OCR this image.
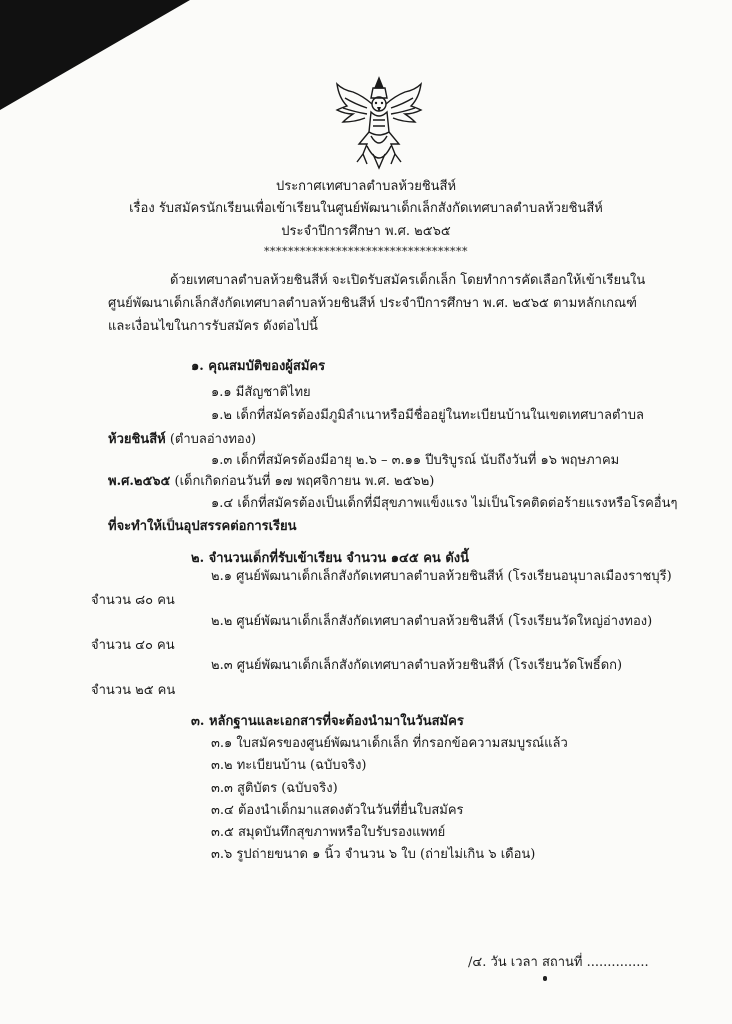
ประกาศเทศบาลตำบลห้วยชินสีห์
เรื่อง รับสมัครนักเรียนเพื่อเข้าเรียนในศูนย์พัฒนาเด็กเล็กสังกัดเทศบาลตำบลห้วยชินสีห์
ประจำปีการศึกษา พ.ศ. ๒๕๖๕
**********************************
ด้วยเทศบาลตำบลห้วยชินสีห์ จะเปิดรับสมัครเด็กเล็ก โดยทำการคัดเลือกให้เข้าเรียนใน
ศูนย์พัฒนาเด็กเล็กสังกัดเทศบาลตำบลห้วยชินสีห์ ประจำปีการศึกษา พ.ศ. ๒๕๖๕ ตามหลักเกณฑ์
และเงื่อนไขในการรับสมัคร ดังต่อไปนี้
๑. คุณสมบัติของผู้สมัคร
๑.๑ มีสัญชาติไทย
๑.๒ เด็กที่สมัครต้องมีภูมิลำเนาหรือมีชื่ออยู่ในทะเบียนบ้านในเขตเทศบาลตำบล
ห้วยชินสีห์ (ตำบลอ่างทอง)
๑.๓ เด็กที่สมัครต้องมีอายุ ๒.๖ – ๓.๑๑ ปีบริบูรณ์ นับถึงวันที่ ๑๖ พฤษภาคม
พ.ศ.๒๕๖๕ (เด็กเกิดก่อนวันที่ ๑๗ พฤศจิกายน พ.ศ. ๒๕๖๒)
๑.๔ เด็กที่สมัครต้องเป็นเด็กที่มีสุขภาพแข็งแรง ไม่เป็นโรคติดต่อร้ายแรงหรือโรคอื่นๆ
ที่จะทำให้เป็นอุปสรรคต่อการเรียน
๒. จำนวนเด็กที่รับเข้าเรียน จำนวน ๑๔๕ คน ดังนี้
๒.๑ ศูนย์พัฒนาเด็กเล็กสังกัดเทศบาลตำบลห้วยชินสีห์ (โรงเรียนอนุบาลเมืองราชบุรี)
จำนวน ๘๐ คน
๒.๒ ศูนย์พัฒนาเด็กเล็กสังกัดเทศบาลตำบลห้วยชินสีห์ (โรงเรียนวัดใหญ่อ่างทอง)
จำนวน ๔๐ คน
๒.๓ ศูนย์พัฒนาเด็กเล็กสังกัดเทศบาลตำบลห้วยชินสีห์ (โรงเรียนวัดโพธิ์ดก)
จำนวน ๒๕ คน
๓. หลักฐานและเอกสารที่จะต้องนำมาในวันสมัคร
๓.๑ ใบสมัครของศูนย์พัฒนาเด็กเล็ก ที่กรอกข้อความสมบูรณ์แล้ว
๓.๒ ทะเบียนบ้าน (ฉบับจริง)
๓.๓ สูติบัตร (ฉบับจริง)
๓.๔ ต้องนำเด็กมาแสดงตัวในวันที่ยื่นใบสมัคร
๓.๕ สมุดบันทึกสุขภาพหรือใบรับรองแพทย์
๓.๖ รูปถ่ายขนาด ๑ นิ้ว จำนวน ๖ ใบ (ถ่ายไม่เกิน ๖ เดือน)
/๔. วัน เวลา สถานที่ ...............
